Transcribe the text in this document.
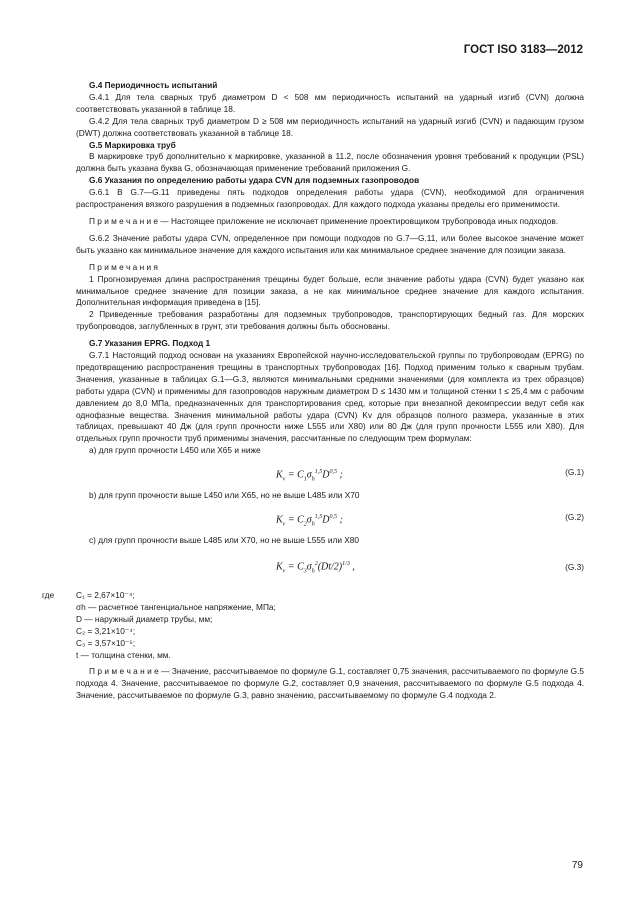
ГОСТ ISO 3183—2012

G.4 Периодичность испытаний

G.4.1 Для тела сварных труб диаметром D < 508 мм периодичность испытаний на ударный изгиб (CVN) должна соответствовать указанной в таблице 18.

G.4.2 Для тела сварных труб диаметром D ≥ 508 мм периодичность испытаний на ударный изгиб (CVN) и падающим грузом (DWT) должна соответствовать указанной в таблице 18.

G.5 Маркировка труб

В маркировке труб дополнительно к маркировке, указанной в 11.2, после обозначения уровня требований к продукции (PSL) должна быть указана буква G, обозначающая применение требований приложения G.

G.6 Указания по определению работы удара CVN для подземных газопроводов

G.6.1 В G.7—G.11 приведены пять подходов определения работы удара (CVN), необходимой для ограничения распространения вязкого разрушения в подземных газопроводах. Для каждого подхода указаны пределы его применимости.

П р и м е ч а н и е — Настоящее приложение не исключает применение проектировщиком трубопровода иных подходов.

G.6.2 Значение работы удара CVN, определенное при помощи подходов по G.7—G.11, или более высокое значение может быть указано как минимальное значение для каждого испытания или как минимальное среднее значение для позиции заказа.

П р и м е ч а н и я

1 Прогнозируемая длина распространения трещины будет больше, если значение работы удара (CVN) будет указано как минимальное среднее значение для позиции заказа, а не как минимальное среднее значение для каждого испытания. Дополнительная информация приведена в [15].

2 Приведенные требования разработаны для подземных трубопроводов, транспортирующих бедный газ. Для морских трубопроводов, заглубленных в грунт, эти требования должны быть обоснованы.

G.7 Указания EPRG. Подход 1

G.7.1 Настоящий подход основан на указаниях Европейской научно-исследовательской группы по трубопроводам (EPRG) по предотвращению распространения трещины в транспортных трубопроводах [16]. Подход применим только к сварным трубам. Значения, указанные в таблицах G.1—G.3, являются минимальными средними значениями (для комплекта из трех образцов) работы удара (CVN) и применимы для газопроводов наружным диаметром D ≤ 1430 мм и толщиной стенки t ≤ 25,4 мм с рабочим давлением до 8,0 МПа, предназначенных для транспортирования сред, которые при внезапной декомпрессии ведут себя как однофазные вещества. Значения минимальной работы удара (CVN) Kv для образцов полного размера, указанные в этих таблицах, превышают 40 Дж (для групп прочности ниже L555 или X80) или 80 Дж (для групп прочности L555 или X80). Для отдельных групп прочности труб применимы значения, рассчитанные по следующим трем формулам:

а) для групп прочности L450 или X65 и ниже

$K_v = C_1\sigma_h^{1,5}D^{0,5}$ ;	(G.1)

b) для групп прочности выше L450 или X65, но не выше L485 или X70

$K_v = C_2\sigma_h^{1,5}D^{0,5}$ ;	(G.2)

c) для групп прочности выше L485 или X70, но не выше L555 или X80

$K_v = C_3\sigma_h^2(Dt/2)^{1/3}$ ,	(G.3)
где	C₁ = 2,67×10⁻⁴;

σh — расчетное тангенциальное напряжение, МПа;

D — наружный диаметр трубы, мм;

C₂ = 3,21×10⁻⁴;

C₃ = 3,57×10⁻⁵;

t — толщина стенки, мм.

П р и м е ч а н и е — Значение, рассчитываемое по формуле G.1, составляет 0,75 значения, рассчитываемого по формуле G.5 подхода 4. Значение, рассчитываемое по формуле G.2, составляет 0,9 значения, рассчитываемого по формуле G.5 подхода 4. Значение, рассчитываемое по формуле G.3, равно значению, рассчитываемому по формуле G.4 подхода 2.

79
